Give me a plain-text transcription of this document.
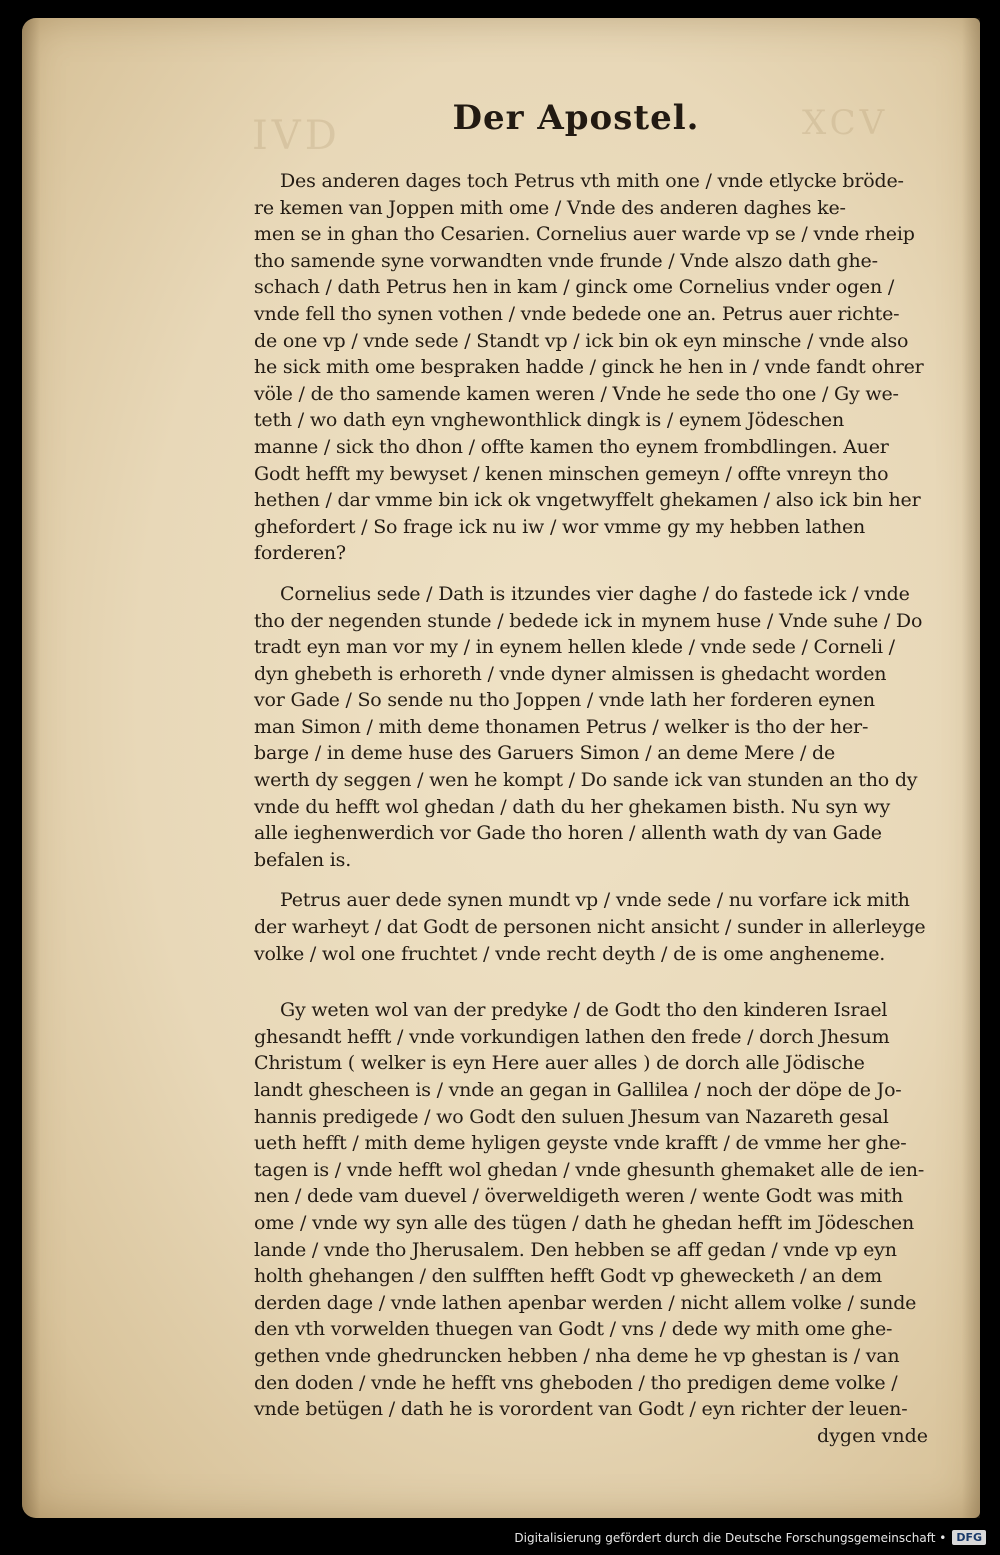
IVD	XCV
Der Apostel.
Des anderen dages toch Petrus vth mith one / vnde etlycke bröde-
re kemen van Joppen mith ome / Vnde des anderen daghes ke-
men se in ghan tho Cesarien. Cornelius auer warde vp se / vnde rheip
tho samende syne vorwandten vnde frunde / Vnde alszo dath ghe-
schach / dath Petrus hen in kam / ginck ome Cornelius vnder ogen /
vnde fell tho synen vothen / vnde bedede one an. Petrus auer richte-
de one vp / vnde sede / Standt vp / ick bin ok eyn minsche / vnde also
he sick mith ome bespraken hadde / ginck he hen in / vnde fandt ohrer
völe / de tho samende kamen weren / Vnde he sede tho one / Gy we-
teth / wo dath eyn vnghewonthlick dingk is / eynem Jödeschen
manne / sick tho dhon / offte kamen tho eynem frombdlingen. Auer
Godt hefft my bewyset / kenen minschen gemeyn / offte vnreyn tho
hethen / dar vmme bin ick ok vngetwyffelt ghekamen / also ick bin her
ghefordert / So frage ick nu iw / wor vmme gy my hebben lathen
forderen?
Cornelius sede / Dath is itzundes vier daghe / do fastede ick / vnde
tho der negenden stunde / bedede ick in mynem huse / Vnde suhe / Do
tradt eyn man vor my / in eynem hellen klede / vnde sede / Corneli /
dyn ghebeth is erhoreth / vnde dyner almissen is ghedacht worden
vor Gade / So sende nu tho Joppen / vnde lath her forderen eynen
man Simon / mith deme thonamen Petrus / welker is tho der her-
barge / in deme huse des Garuers Simon / an deme Mere / de
werth dy seggen / wen he kompt / Do sande ick van stunden an tho dy
vnde du hefft wol ghedan / dath du her ghekamen bisth. Nu syn wy
alle ieghenwerdich vor Gade tho horen / allenth wath dy van Gade
befalen is.
Petrus auer dede synen mundt vp / vnde sede / nu vorfare ick mith
der warheyt / dat Godt de personen nicht ansicht / sunder in allerleyge
volke / wol one fruchtet / vnde recht deyth / de is ome angheneme.
Gy weten wol van der predyke / de Godt tho den kinderen Israel
ghesandt hefft / vnde vorkundigen lathen den frede / dorch Jhesum
Christum ( welker is eyn Here auer alles ) de dorch alle Jödische
landt ghescheen is / vnde an gegan in Gallilea / noch der döpe de Jo-
hannis predigede / wo Godt den suluen Jhesum van Nazareth gesal
ueth hefft / mith deme hyligen geyste vnde krafft / de vmme her ghe-
tagen is / vnde hefft wol ghedan / vnde ghesunth ghemaket alle de ien-
nen / dede vam duevel / överweldigeth weren / wente Godt was mith
ome / vnde wy syn alle des tügen / dath he ghedan hefft im Jödeschen
lande / vnde tho Jherusalem. Den hebben se aff gedan / vnde vp eyn
holth ghehangen / den sulfften hefft Godt vp ghewecketh / an dem
derden dage / vnde lathen apenbar werden / nicht allem volke / sunde
den vth vorwelden thuegen van Godt / vns / dede wy mith ome ghe-
gethen vnde ghedruncken hebben / nha deme he vp ghestan is / van
den doden / vnde he hefft vns gheboden / tho predigen deme volke /
vnde betügen / dath he is vorordent van Godt / eyn richter der leuen-
dygen vnde
Digitalisierung gefördert durch die Deutsche Forschungsgemeinschaft • DFG
